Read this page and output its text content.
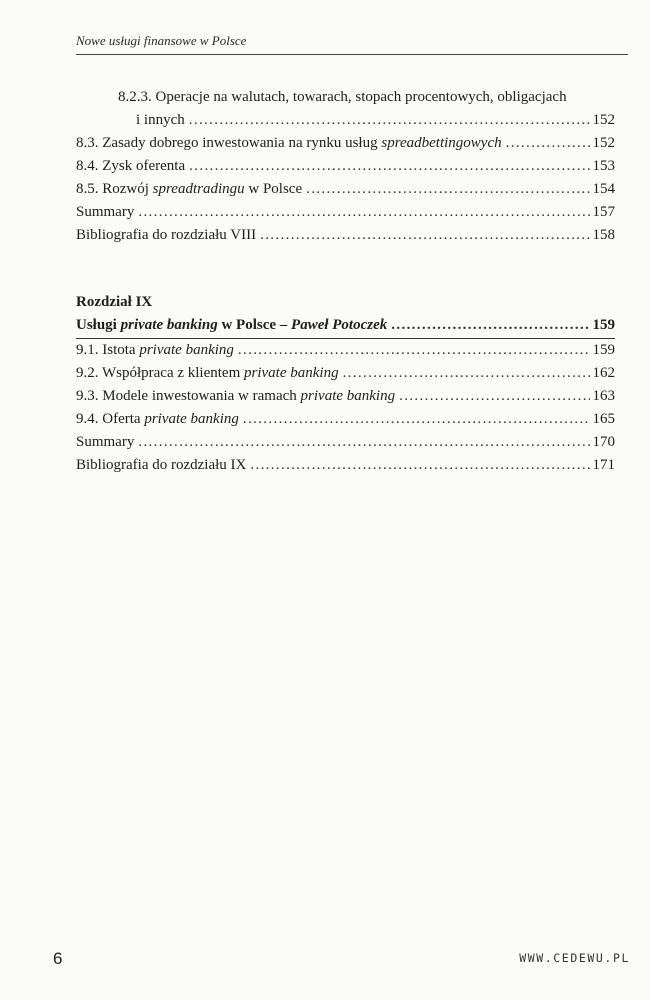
Nowe usługi finansowe w Polsce
8.2.3. Operacje na walutach, towarach, stopach procentowych, obligacjach
i innych . . .	152
8.3. Zasady dobrego inwestowania na rynku usług spreadbettingowych . . .	152
8.4. Zysk oferenta . . .	153
8.5. Rozwój spreadtradingu w Polsce . . .	154
Summary . . .	157
Bibliografia do rozdziału VIII . . .	158
Rozdział IX
Usługi private banking w Polsce – Paweł Potoczek . . .	159
9.1. Istota private banking . . .	159
9.2. Współpraca z klientem private banking . . .	162
9.3. Modele inwestowania w ramach private banking . . .	163
9.4. Oferta private banking . . .	165
Summary . . .	170
Bibliografia do rozdziału IX . . .	171
6	WWW.CEDEWU.PL
